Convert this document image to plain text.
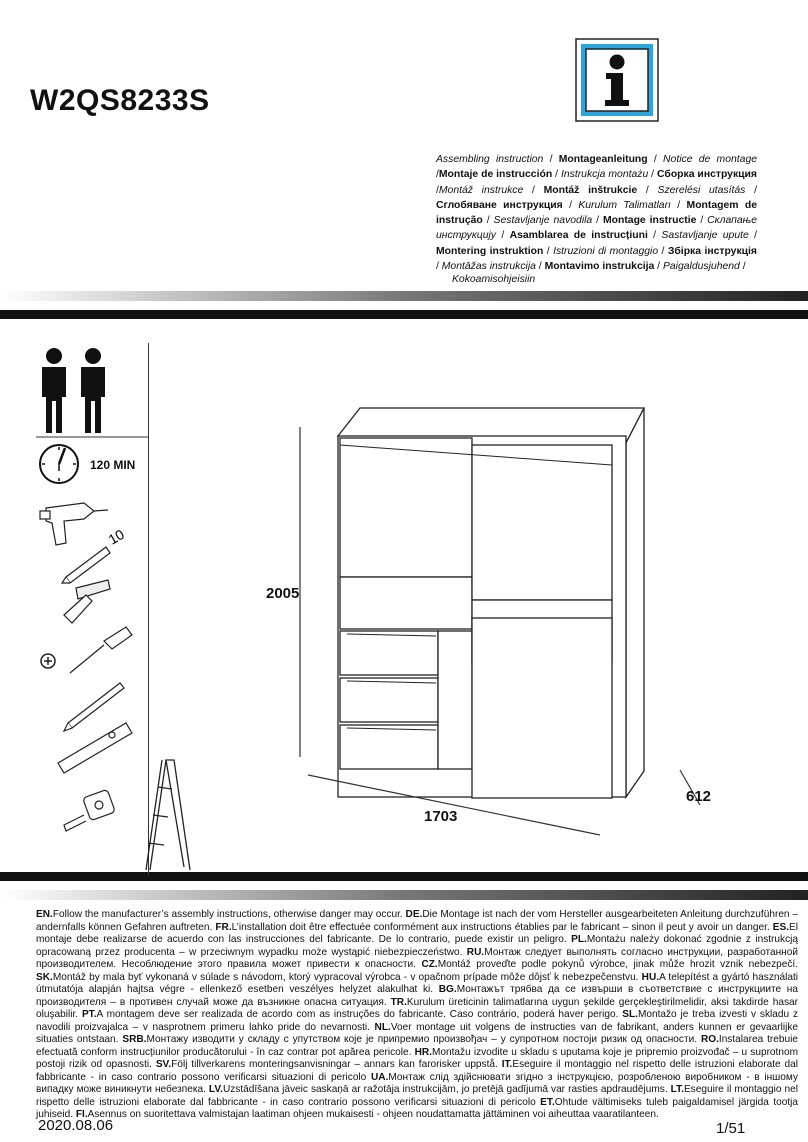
W2QS8233S
Assembling instruction / Montageanleitung / Notice de montage /Montaje de instrucción / Instrukcja montażu / Сборка инструкция /Montáž instrukce / Montáž inštrukcie / Szerelési utasítás /Сглобяване инструкция / Kurulum Talimatları / Montagem de instrução / Sestavljanje navodila / Montage instructie / Склапање инструкцију / Asamblarea de instrucțiuni / Sastavljanje upute / Montering instruktion / Istruzioni di montaggio / Збірка інструкція / Montāžas instrukcija / Montavimo instrukcija / Paigaldusjuhend /
Kokoamisohjeisiin
10
120 MIN
2005
1703
612
EN.Follow the manufacturer’s assembly instructions, otherwise danger may occur. DE.Die Montage ist nach der vom Hersteller ausgearbeiteten Anleitung durchzuführen – andernfalls können Gefahren auftreten. FR.L’installation doit être effectuée conformément aux instructions établies par le fabricant – sinon il peut y avoir un danger. ES.El montaje debe realizarse de acuerdo con las instrucciones del fabricante. De lo contrario, puede existir un peligro. PL.Montażu należy dokonać zgodnie z instrukcją opracowaną przez producenta – w przeciwnym wypadku może wystąpić niebezpieczeństwo. RU.Монтаж следует выполнять согласно инструкции, разработанной производителем. Несоблюдение этого правила может привести к опасности. CZ.Montáž proveďte podle pokynů výrobce, jinak může hrozit vznik nebezpečí. SK.Montáž by mala byť vykonaná v súlade s návodom, ktorý vypracoval výrobca - v opačnom prípade môže dôjsť k nebezpečenstvu. HU.A telepítést a gyártó használati útmutatója alapján hajtsa végre - ellenkező esetben veszélyes helyzet alakulhat ki. BG.Монтажът трябва да се извърши в съответствие с инструкциите на производителя – в противен случай може да възникне опасна ситуация. TR.Kurulum üreticinin talimatlarına uygun şekilde gerçekleştirilmelidir, aksi takdirde hasar oluşabilir. PT.A montagem deve ser realizada de acordo com as instruções do fabricante. Caso contrário, poderá haver perigo. SL.Montažo je treba izvesti v skladu z navodili proizvajalca – v nasprotnem primeru lahko pride do nevarnosti. NL.Voer montage uit volgens de instructies van de fabrikant, anders kunnen er gevaarlijke situaties ontstaan. SRB.Монтажу изводити у складу с упутством које је припремио произвођач – у супротном постоји ризик од опасности. RO.Instalarea trebuie efectuată conform instrucțiunilor producătorului - în caz contrar pot apărea pericole. HR.Montažu izvodite u skladu s uputama koje je pripremio proizvođač – u suprotnom postoji rizik od opasnosti. SV.Följ tillverkarens monteringsanvisningar – annars kan farorisker uppstå. IT.Eseguire il montaggio nel rispetto delle istruzioni elaborate dal fabbricante - in caso contrario possono verificarsi situazioni di pericolo UA.Монтаж слід здійснювати згідно з інструкцією, розробленою виробником - в іншому випадку може виникнути небезпека. LV.Uzstādīšana jāveic saskaņā ar ražotāja instrukcijām, jo pretējā gadījumā var rasties apdraudējums. LT.Eseguire il montaggio nel rispetto delle istruzioni elaborate dal fabbricante - in caso contrario possono verificarsi situazioni di pericolo ET.Ohtude vältimiseks tuleb paigaldamisel järgida tootja juhiseid. FI.Asennus on suoritettava valmistajan laatiman ohjeen mukaisesti - ohjeen noudattamatta jättäminen voi aiheuttaa vaaratilanteen.
2020.08.06	1/51
